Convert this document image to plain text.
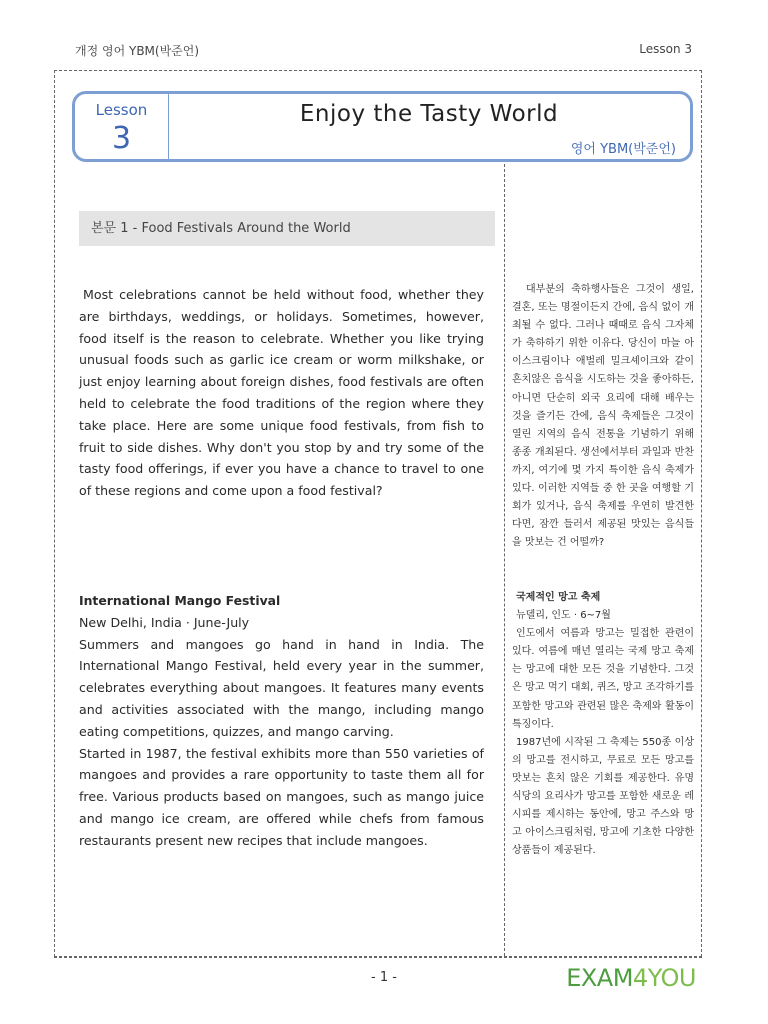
개정 영어 YBM(박준언)	Lesson 3
Lesson
3
Enjoy the Tasty World
영어 YBM(박준언)
본문 1 - Food Festivals Around the World

Most celebrations cannot be held without food, whether they are birthdays, weddings, or holidays. Sometimes, however, food itself is the reason to celebrate. Whether you like trying unusual foods such as garlic ice cream or worm milkshake, or just enjoy learning about foreign dishes, food festivals are often held to celebrate the food traditions of the region where they take place. Here are some unique food festivals, from fish to fruit to side dishes. Why don't you stop by and try some of the tasty food offerings, if ever you have a chance to travel to one of these regions and come upon a food festival?

International Mango Festival

New Delhi, India · June-July

Summers and mangoes go hand in hand in India. The International Mango Festival, held every year in the summer, celebrates everything about mangoes. It features many events and activities associated with the mango, including mango eating competitions, quizzes, and mango carving.

Started in 1987, the festival exhibits more than 550 varieties of mangoes and provides a rare opportunity to taste them all for free. Various products based on mangoes, such as mango juice and mango ice cream, are offered while chefs from famous restaurants present new recipes that include mangoes.

대부분의 축하행사들은 그것이 생일, 결혼, 또는 명절이든지 간에, 음식 없이 개최될 수 없다. 그러나 때때로 음식 그자체가 축하하기 위한 이유다. 당신이 마늘 아이스크림이나 애벌레 밀크셰이크와 같이 흔치않은 음식을 시도하는 것을 좋아하든, 아니면 단순히 외국 요리에 대해 배우는 것을 즐기든 간에, 음식 축제들은 그것이 열린 지역의 음식 전통을 기념하기 위해 종종 개최된다. 생선에서부터 과일과 반찬까지, 여기에 몇 가지 특이한 음식 축제가 있다. 이러한 지역들 중 한 곳을 여행할 기회가 있거나, 음식 축제를 우연히 발견한다면, 잠깐 들러서 제공된 맛있는 음식들을 맛보는 건 어떨까?

국제적인 망고 축제

뉴델리, 인도 · 6~7월

인도에서 여름과 망고는 밀접한 관련이 있다. 여름에 매년 열리는 국제 망고 축제는 망고에 대한 모든 것을 기념한다. 그것은 망고 먹기 대회, 퀴즈, 망고 조각하기를 포함한 망고와 관련된 많은 축제와 활동이 특징이다.

1987년에 시작된 그 축제는 550종 이상의 망고를 전시하고, 무료로 모든 망고를 맛보는 흔치 않은 기회를 제공한다. 유명 식당의 요리사가 망고를 포함한 새로운 레시피를 제시하는 동안에, 망고 주스와 망고 아이스크림처럼, 망고에 기초한 다양한 상품들이 제공된다.

- 1 -	EXAM4YOU
